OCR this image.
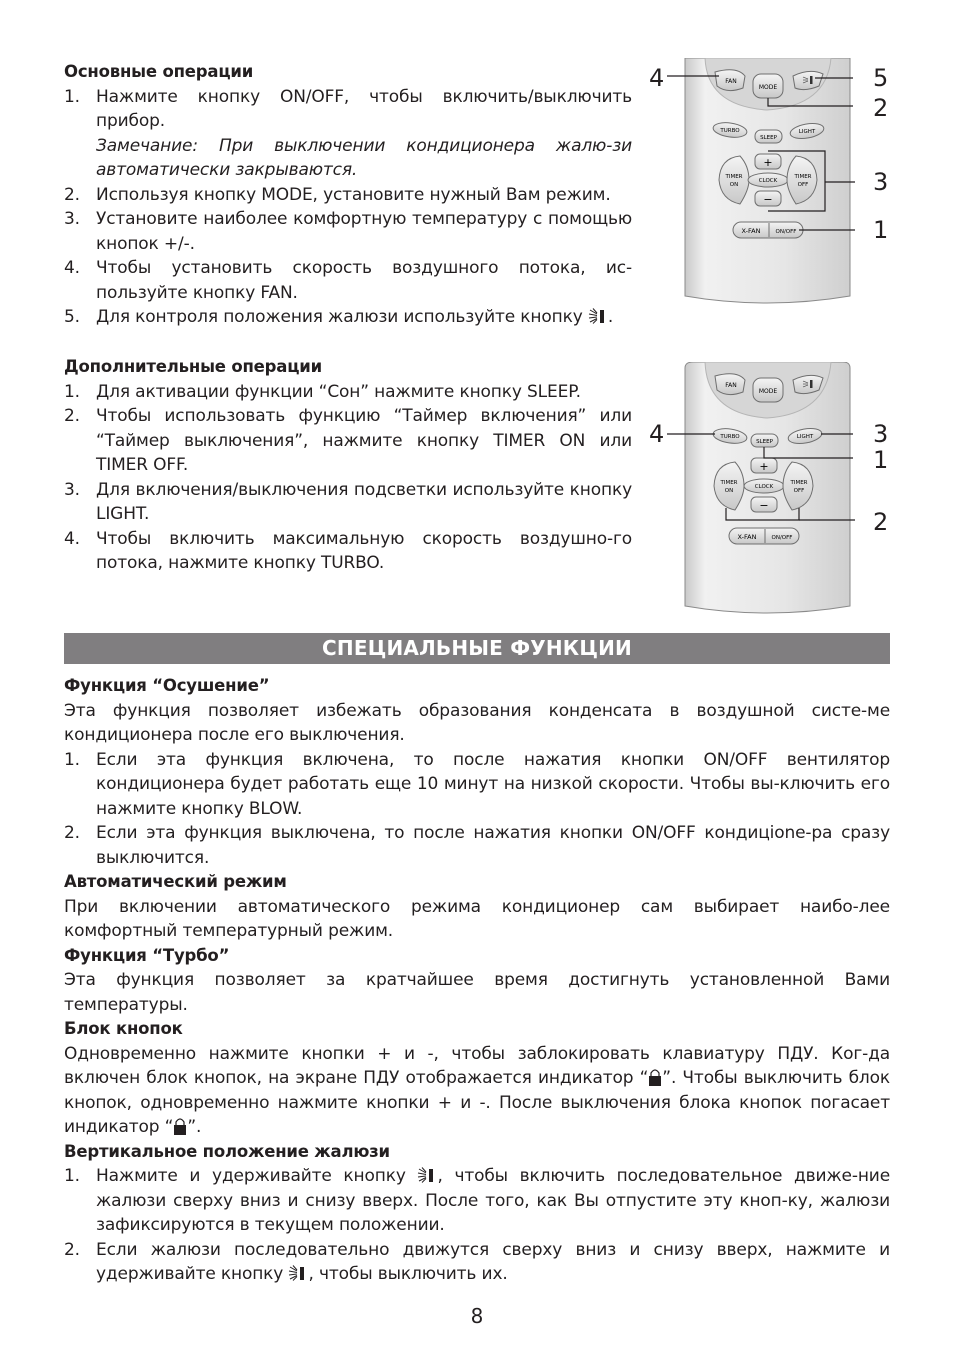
Основные операции
1. Нажмите кнопку ON/OFF, чтобы включить/выключить прибор.
Замечание: При выключении кондиционера жалю-зи автоматически закрываются.
2. Используя кнопку MODE, установите нужный Вам режим.
3. Установите наиболее комфортную температуру с помощью кнопок +/-.
4. Чтобы установить скорость воздушного потока, ис-пользуйте кнопку FAN.
5. Для контроля положения жалюзи используйте кнопку .
Дополнительные операции
1. Для активации функции “Сон” нажмите кнопку SLEEP.
2. Чтобы использовать функцию “Таймер включения” или “Таймер выключения”, нажмите кнопку TIMER ON или TIMER OFF.
3. Для включения/выключения подсветки используйте кнопку LIGHT.
4. Чтобы включить максимальную скорость воздушно-го потока, нажмите кнопку TURBO.
FAN
MODE
TURBO
SLEEP
LIGHT
+
TIMER
ON
CLOCK
TIMER
OFF
−
X-FAN	ON/OFF
4	5
2
3
1
FAN
MODE
TURBO
SLEEP
LIGHT
+
TIMER
ON
CLOCK
TIMER
OFF
−
X-FAN	ON/OFF
4	3
1
2
СПЕЦИАЛЬНЫЕ ФУНКЦИИ
Функция “Осушение”

Эта функция позволяет избежать образования конденсата в воздушной систе-ме кондиционера после его выключения.

1. Если эта функция включена, то после нажатия кнопки ON/OFF вентилятор кондиционера будет работать еще 10 минут на низкой скорости. Чтобы вы-ключить его нажмите кнопку BLOW.
2. Если эта функция выключена, то после нажатия кнопки ON/OFF кондицione-ра сразу выключится.
Автоматический режим

При включении автоматического режима кондиционер сам выбирает наибо-лее комфортный температурный режим.

Функция “Турбо”

Эта функция позволяет за кратчайшее время достигнуть установленной Вами температуры.

Блок кнопок

Одновременно нажмите кнопки + и -, чтобы заблокировать клавиатуру ПДУ. Ког-да включен блок кнопок, на экране ПДУ отображается индикатор “ ”. Чтобы выключить блок кнопок, одновременно нажмите кнопки + и -. После выключения блока кнопок погасает индикатор “ ”.

Вертикальное положение жалюзи
1. Нажмите и удерживайте кнопку , чтобы включить последовательное движе-ние жалюзи сверху вниз и снизу вверх. После того, как Вы отпустите эту кноп-ку, жалюзи зафиксируются в текущем положении.
2. Если жалюзи последовательно движутся сверху вниз и снизу вверх, нажмите и удерживайте кнопку , чтобы выключить их.
8
